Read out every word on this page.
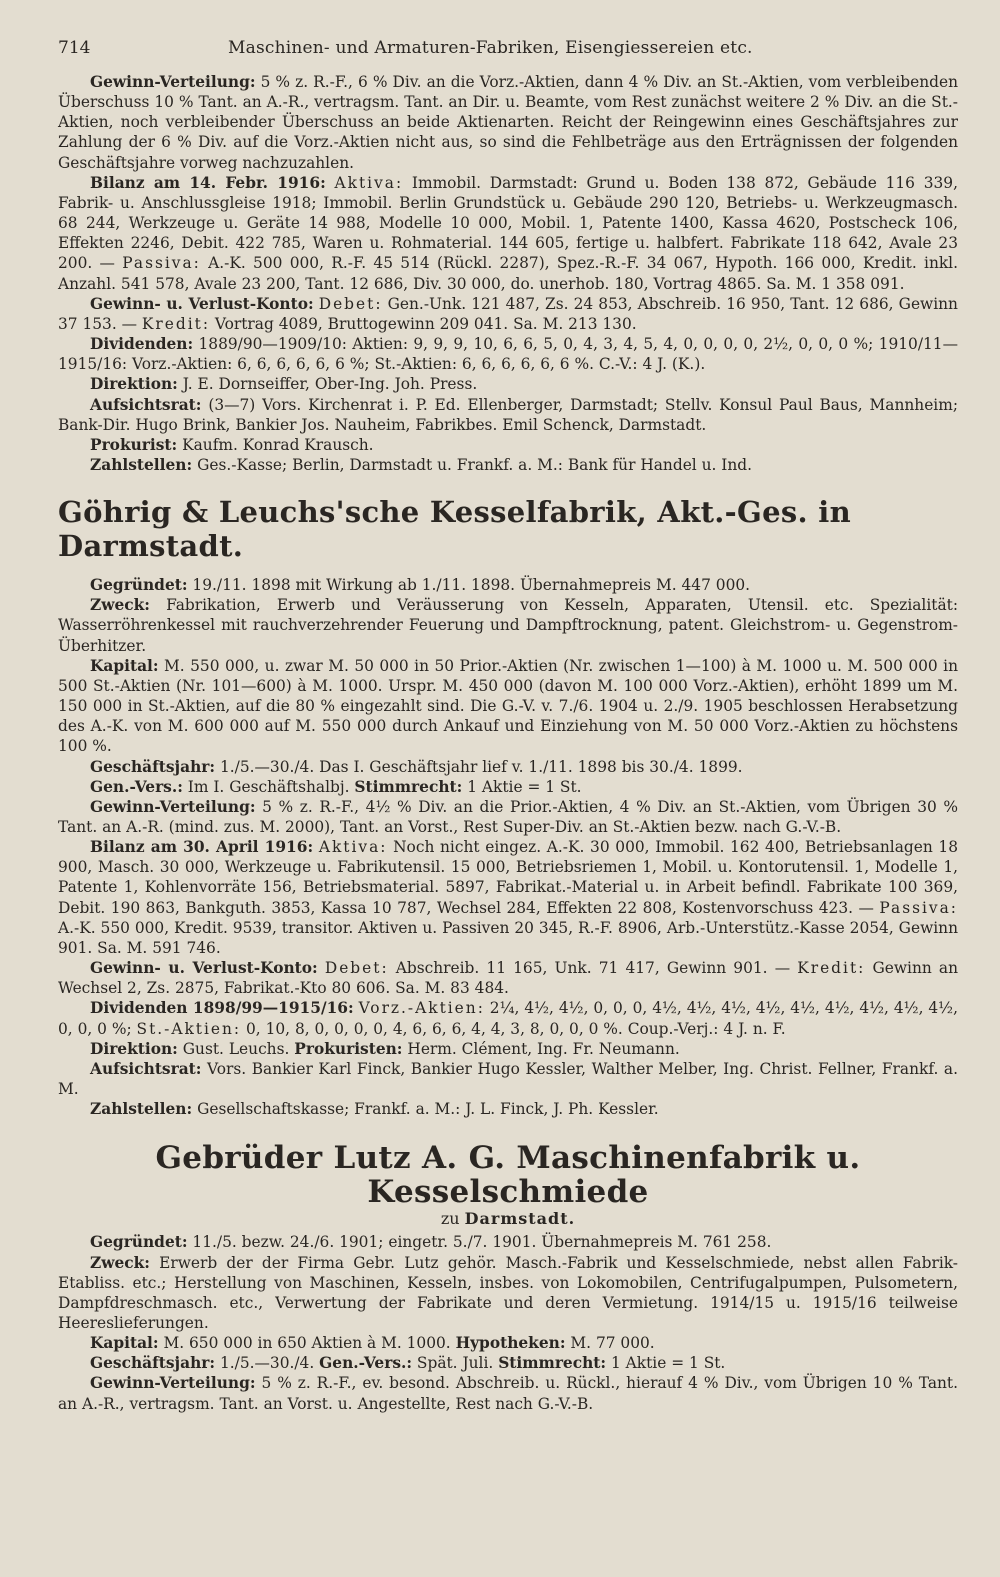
714	Maschinen- und Armaturen-Fabriken, Eisengiessereien etc.

Gewinn-Verteilung: 5 % z. R.-F., 6 % Div. an die Vorz.-Aktien, dann 4 % Div. an St.-Aktien, vom verbleibenden Überschuss 10 % Tant. an A.-R., vertragsm. Tant. an Dir. u. Beamte, vom Rest zunächst weitere 2 % Div. an die St.-Aktien, noch verbleibender Überschuss an beide Aktienarten. Reicht der Reingewinn eines Geschäftsjahres zur Zahlung der 6 % Div. auf die Vorz.-Aktien nicht aus, so sind die Fehlbeträge aus den Erträgnissen der folgenden Geschäftsjahre vorweg nachzuzahlen.

Bilanz am 14. Febr. 1916: Aktiva: Immobil. Darmstadt: Grund u. Boden 138 872, Gebäude 116 339, Fabrik- u. Anschlussgleise 1918; Immobil. Berlin Grundstück u. Gebäude 290 120, Betriebs- u. Werkzeugmasch. 68 244, Werkzeuge u. Geräte 14 988, Modelle 10 000, Mobil. 1, Patente 1400, Kassa 4620, Postscheck 106, Effekten 2246, Debit. 422 785, Waren u. Rohmaterial. 144 605, fertige u. halbfert. Fabrikate 118 642, Avale 23 200. — Passiva: A.-K. 500 000, R.-F. 45 514 (Rückl. 2287), Spez.-R.-F. 34 067, Hypoth. 166 000, Kredit. inkl. Anzahl. 541 578, Avale 23 200, Tant. 12 686, Div. 30 000, do. unerhob. 180, Vortrag 4865. Sa. M. 1 358 091.

Gewinn- u. Verlust-Konto: Debet: Gen.-Unk. 121 487, Zs. 24 853, Abschreib. 16 950, Tant. 12 686, Gewinn 37 153. — Kredit: Vortrag 4089, Bruttogewinn 209 041. Sa. M. 213 130.

Dividenden: 1889/90—1909/10: Aktien: 9, 9, 9, 10, 6, 6, 5, 0, 4, 3, 4, 5, 4, 0, 0, 0, 0, 2½, 0, 0, 0 %; 1910/11—1915/16: Vorz.-Aktien: 6, 6, 6, 6, 6, 6 %; St.-Aktien: 6, 6, 6, 6, 6, 6 %. C.-V.: 4 J. (K.).

Direktion: J. E. Dornseiffer, Ober-Ing. Joh. Press.

Aufsichtsrat: (3—7) Vors. Kirchenrat i. P. Ed. Ellenberger, Darmstadt; Stellv. Konsul Paul Baus, Mannheim; Bank-Dir. Hugo Brink, Bankier Jos. Nauheim, Fabrikbes. Emil Schenck, Darmstadt.

Prokurist: Kaufm. Konrad Krausch.

Zahlstellen: Ges.-Kasse; Berlin, Darmstadt u. Frankf. a. M.: Bank für Handel u. Ind.

Göhrig & Leuchs'sche Kesselfabrik, Akt.-Ges. in Darmstadt.

Gegründet: 19./11. 1898 mit Wirkung ab 1./11. 1898. Übernahmepreis M. 447 000.

Zweck: Fabrikation, Erwerb und Veräusserung von Kesseln, Apparaten, Utensil. etc. Spezialität: Wasserröhrenkessel mit rauchverzehrender Feuerung und Dampftrocknung, patent. Gleichstrom- u. Gegenstrom-Überhitzer.

Kapital: M. 550 000, u. zwar M. 50 000 in 50 Prior.-Aktien (Nr. zwischen 1—100) à M. 1000 u. M. 500 000 in 500 St.-Aktien (Nr. 101—600) à M. 1000. Urspr. M. 450 000 (davon M. 100 000 Vorz.-Aktien), erhöht 1899 um M. 150 000 in St.-Aktien, auf die 80 % eingezahlt sind. Die G.-V. v. 7./6. 1904 u. 2./9. 1905 beschlossen Herabsetzung des A.-K. von M. 600 000 auf M. 550 000 durch Ankauf und Einziehung von M. 50 000 Vorz.-Aktien zu höchstens 100 %.

Geschäftsjahr: 1./5.—30./4. Das I. Geschäftsjahr lief v. 1./11. 1898 bis 30./4. 1899.

Gen.-Vers.: Im I. Geschäftshalbj. Stimmrecht: 1 Aktie = 1 St.

Gewinn-Verteilung: 5 % z. R.-F., 4½ % Div. an die Prior.-Aktien, 4 % Div. an St.-Aktien, vom Übrigen 30 % Tant. an A.-R. (mind. zus. M. 2000), Tant. an Vorst., Rest Super-Div. an St.-Aktien bezw. nach G.-V.-B.

Bilanz am 30. April 1916: Aktiva: Noch nicht eingez. A.-K. 30 000, Immobil. 162 400, Betriebsanlagen 18 900, Masch. 30 000, Werkzeuge u. Fabrikutensil. 15 000, Betriebsriemen 1, Mobil. u. Kontorutensil. 1, Modelle 1, Patente 1, Kohlenvorräte 156, Betriebsmaterial. 5897, Fabrikat.-Material u. in Arbeit befindl. Fabrikate 100 369, Debit. 190 863, Bankguth. 3853, Kassa 10 787, Wechsel 284, Effekten 22 808, Kostenvorschuss 423. — Passiva: A.-K. 550 000, Kredit. 9539, transitor. Aktiven u. Passiven 20 345, R.-F. 8906, Arb.-Unterstütz.-Kasse 2054, Gewinn 901. Sa. M. 591 746.

Gewinn- u. Verlust-Konto: Debet: Abschreib. 11 165, Unk. 71 417, Gewinn 901. — Kredit: Gewinn an Wechsel 2, Zs. 2875, Fabrikat.-Kto 80 606. Sa. M. 83 484.

Dividenden 1898/99—1915/16: Vorz.-Aktien: 2¼, 4½, 4½, 0, 0, 0, 4½, 4½, 4½, 4½, 4½, 4½, 4½, 4½, 4½, 0, 0, 0 %; St.-Aktien: 0, 10, 8, 0, 0, 0, 0, 4, 6, 6, 6, 4, 4, 3, 8, 0, 0, 0 %. Coup.-Verj.: 4 J. n. F.

Direktion: Gust. Leuchs. Prokuristen: Herm. Clément, Ing. Fr. Neumann.

Aufsichtsrat: Vors. Bankier Karl Finck, Bankier Hugo Kessler, Walther Melber, Ing. Christ. Fellner, Frankf. a. M.

Zahlstellen: Gesellschaftskasse; Frankf. a. M.: J. L. Finck, J. Ph. Kessler.

Gebrüder Lutz A. G. Maschinenfabrik u. Kesselschmiede
zu Darmstadt.

Gegründet: 11./5. bezw. 24./6. 1901; eingetr. 5./7. 1901. Übernahmepreis M. 761 258.

Zweck: Erwerb der der Firma Gebr. Lutz gehör. Masch.-Fabrik und Kesselschmiede, nebst allen Fabrik-Etabliss. etc.; Herstellung von Maschinen, Kesseln, insbes. von Lokomobilen, Centrifugalpumpen, Pulsometern, Dampfdreschmasch. etc., Verwertung der Fabrikate und deren Vermietung. 1914/15 u. 1915/16 teilweise Heereslieferungen.

Kapital: M. 650 000 in 650 Aktien à M. 1000. Hypotheken: M. 77 000.

Geschäftsjahr: 1./5.—30./4. Gen.-Vers.: Spät. Juli. Stimmrecht: 1 Aktie = 1 St.

Gewinn-Verteilung: 5 % z. R.-F., ev. besond. Abschreib. u. Rückl., hierauf 4 % Div., vom Übrigen 10 % Tant. an A.-R., vertragsm. Tant. an Vorst. u. Angestellte, Rest nach G.-V.-B.
